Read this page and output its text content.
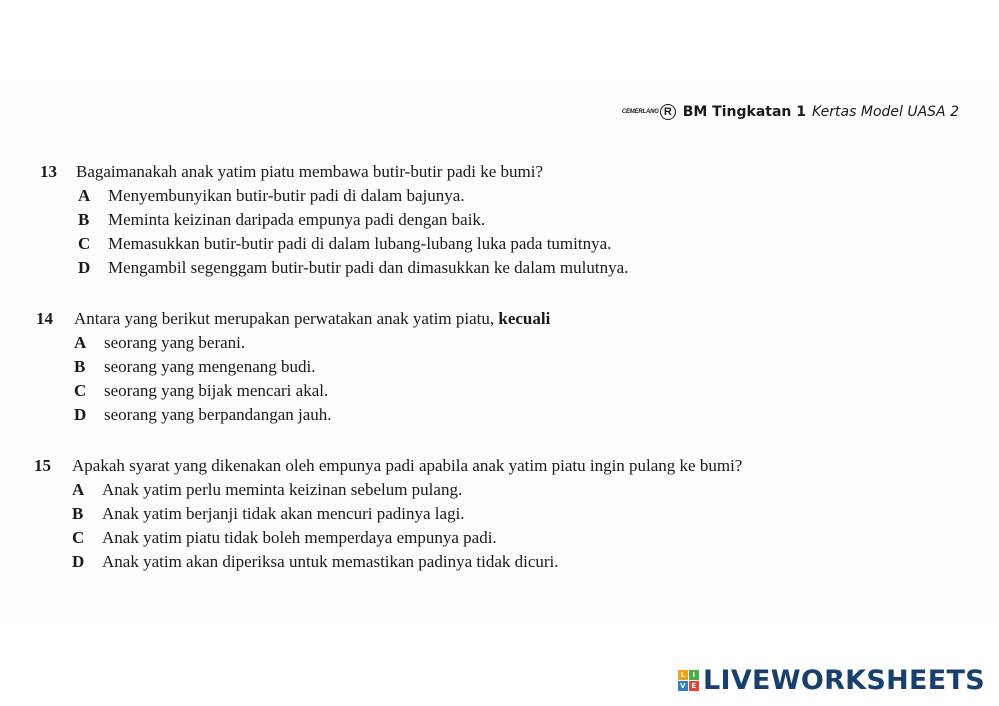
CEMERLANG R BM Tingkatan 1 Kertas Model UASA 2
13 Bagaimanakah anak yatim piatu membawa butir-butir padi ke bumi?
A	Menyembunyikan butir-butir padi di dalam bajunya.
B	Meminta keizinan daripada empunya padi dengan baik.
C	Memasukkan butir-butir padi di dalam lubang-lubang luka pada tumitnya.
D	Mengambil segenggam butir-butir padi dan dimasukkan ke dalam mulutnya.
14 Antara yang berikut merupakan perwatakan anak yatim piatu, kecuali
A	seorang yang berani.
B	seorang yang mengenang budi.
C	seorang yang bijak mencari akal.
D	seorang yang berpandangan jauh.
15 Apakah syarat yang dikenakan oleh empunya padi apabila anak yatim piatu ingin pulang ke bumi?
A	Anak yatim perlu meminta keizinan sebelum pulang.
B	Anak yatim berjanji tidak akan mencuri padinya lagi.
C	Anak yatim piatu tidak boleh memperdaya empunya padi.
D	Anak yatim akan diperiksa untuk memastikan padinya tidak dicuri.
L	I
V E LIVEWORKSHEETS
